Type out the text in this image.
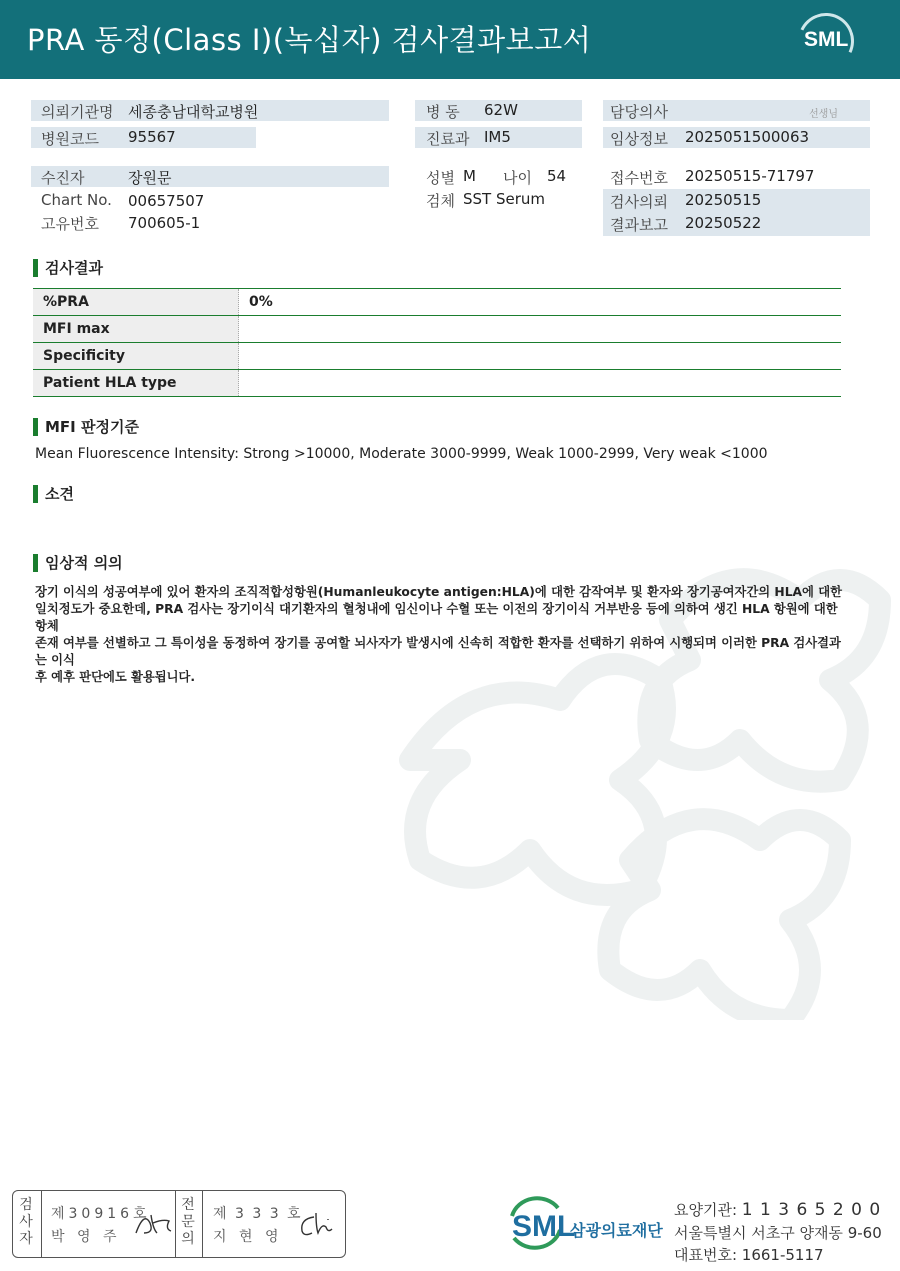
PRA 동정(Class I)(녹십자) 검사결과보고서	SML
의뢰기관명 세종충남대학교병원
병원코드 95567
수진자	장원문
Chart No. 00657507
고유번호 700605-1
병 동 62W
진료과 IM5
성별 M 나이 54
검체 SST Serum
담당의사	선생님
임상정보 2025051500063
접수번호 20250515-71797
검사의뢰 20250515
결과보고 20250522
검사결과
%PRA	0%
MFI max	
Specificity	
Patient HLA type	
MFI 판정기준
Mean Fluorescence Intensity: Strong >10000, Moderate 3000-9999, Weak 1000-2999, Very weak <1000
소견
임상적 의의
장기 이식의 성공여부에 있어 환자의 조직적합성항원(Humanleukocyte antigen:HLA)에 대한 감작여부 및 환자와 장기공여자간의 HLA에 대한
일치정도가 중요한데, PRA 검사는 장기이식 대기환자의 혈청내에 임신이나 수혈 또는 이전의 장기이식 거부반응 등에 의하여 생긴 HLA 항원에 대한 항체
존재 여부를 선별하고 그 특이성을 동정하여 장기를 공여할 뇌사자가 발생시에 신속히 적합한 환자를 선택하기 위하여 시행되며 이러한 PRA 검사결과는 이식
후 예후 판단에도 활용됩니다.
검사자
제30916호
박 영 주
전문의
제 3 3 3 호
지 현 영	SML
삼광의료재단
요양기관: 1 1 3 6 5 2 0 0
서울특별시 서초구 양재동 9-60
대표번호: 1661-5117
